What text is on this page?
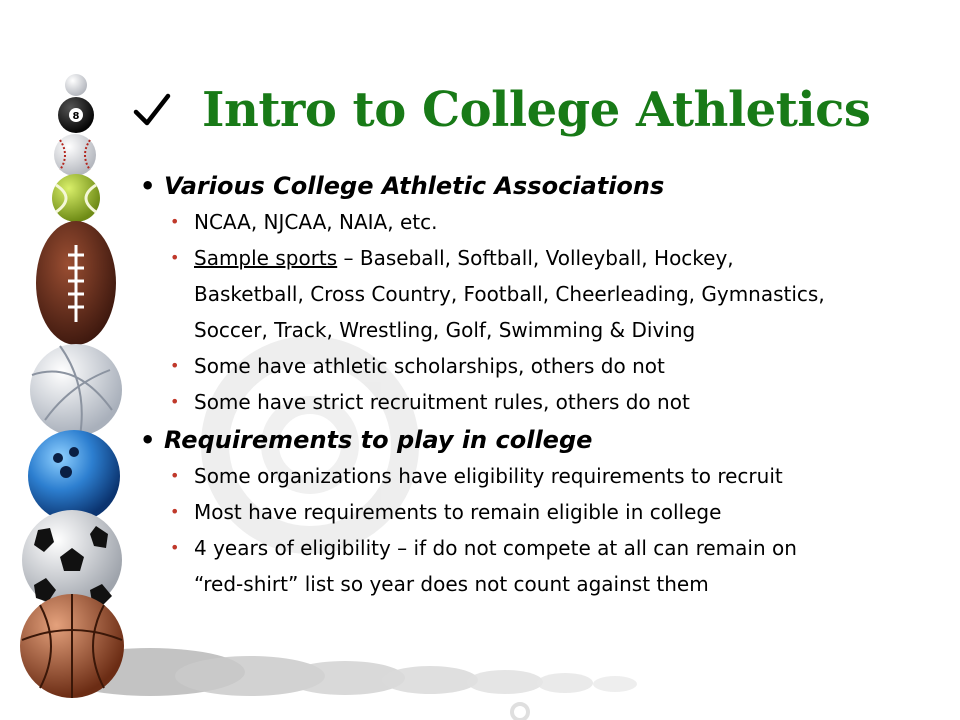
8	Intro to College Athletics
• Various College Athletic Associations
• NCAA, NJCAA, NAIA, etc.
• Sample sports – Baseball, Softball, Volleyball, Hockey,
Basketball, Cross Country, Football, Cheerleading, Gymnastics,
Soccer, Track, Wrestling, Golf, Swimming & Diving
• Some have athletic scholarships, others do not
• Some have strict recruitment rules, others do not
• Requirements to play in college
• Some organizations have eligibility requirements to recruit
• Most have requirements to remain eligible in college
• 4 years of eligibility – if do not compete at all can remain on
“red-shirt” list so year does not count against them
